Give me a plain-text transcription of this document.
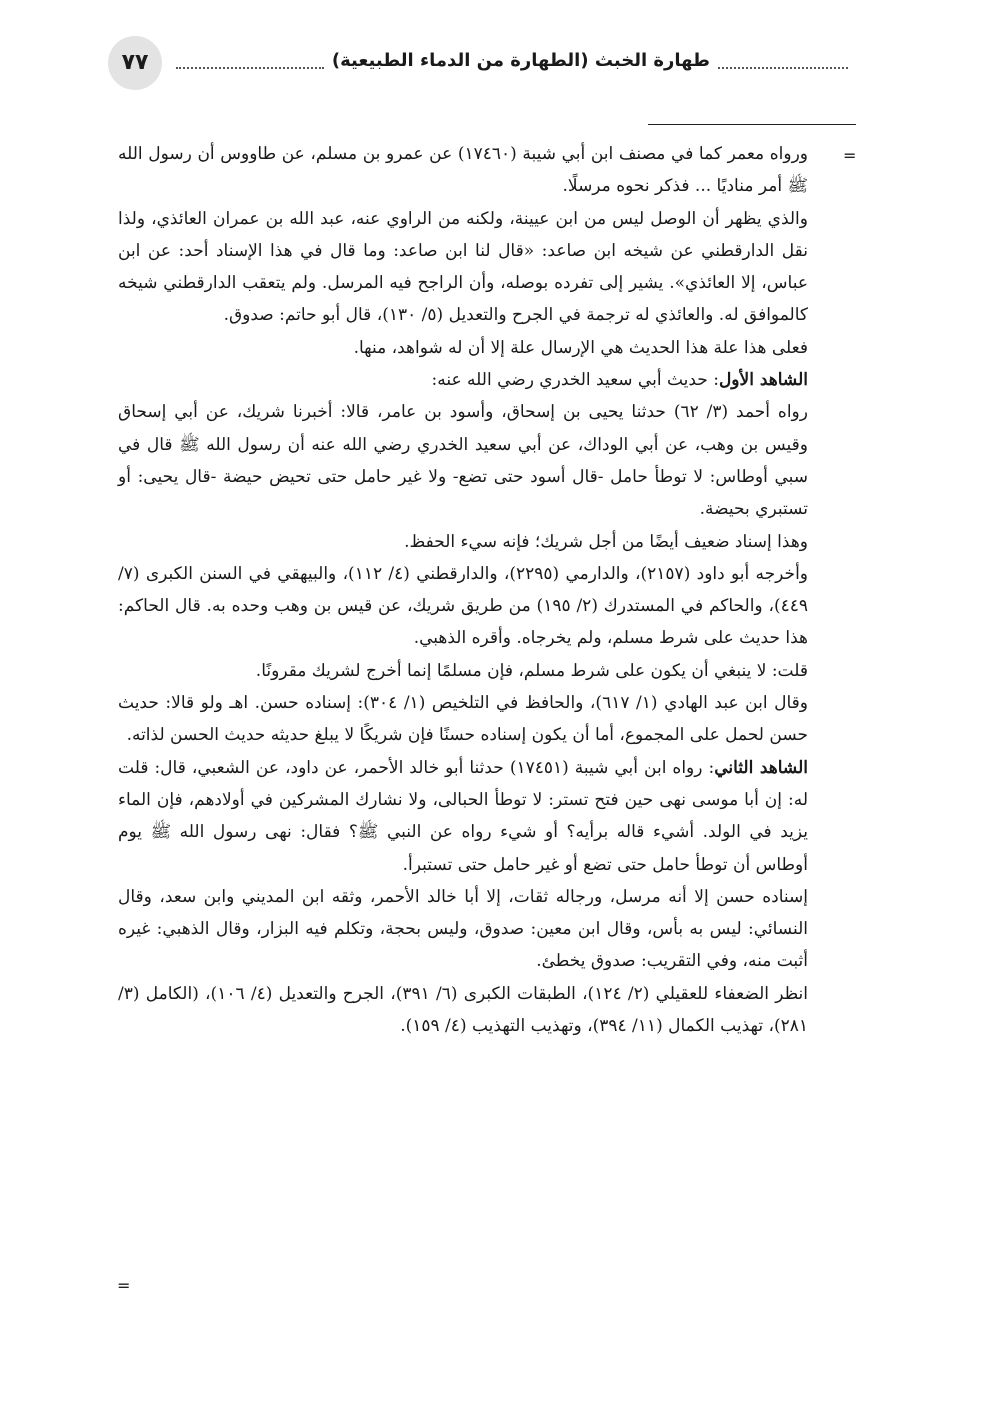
٧٧	طهارة الخبث (الطهارة من الدماء الطبيعية)
=

ورواه معمر كما في مصنف ابن أبي شيبة (١٧٤٦٠) عن عمرو بن مسلم، عن طاووس أن رسول الله ﷺ أمر مناديًا ... فذكر نحوه مرسلًا.

والذي يظهر أن الوصل ليس من ابن عيينة، ولكنه من الراوي عنه، عبد الله بن عمران العائذي، ولذا نقل الدارقطني عن شيخه ابن صاعد: «قال لنا ابن صاعد: وما قال في هذا الإسناد أحد: عن ابن عباس، إلا العائذي». يشير إلى تفرده بوصله، وأن الراجح فيه المرسل. ولم يتعقب الدارقطني شيخه كالموافق له. والعائذي له ترجمة في الجرح والتعديل (٥/ ١٣٠)، قال أبو حاتم: صدوق.

فعلى هذا علة هذا الحديث هي الإرسال علة إلا أن له شواهد، منها.

الشاهد الأول: حديث أبي سعيد الخدري رضي الله عنه:

رواه أحمد (٣/ ٦٢) حدثنا يحيى بن إسحاق، وأسود بن عامر، قالا: أخبرنا شريك، عن أبي إسحاق وقيس بن وهب، عن أبي الوداك، عن أبي سعيد الخدري رضي الله عنه أن رسول الله ﷺ قال في سبي أوطاس: لا توطأ حامل -قال أسود حتى تضع- ولا غير حامل حتى تحيض حيضة -قال يحيى: أو تستبري بحيضة.

وهذا إسناد ضعيف أيضًا من أجل شريك؛ فإنه سيء الحفظ.

وأخرجه أبو داود (٢١٥٧)، والدارمي (٢٢٩٥)، والدارقطني (٤/ ١١٢)، والبيهقي في السنن الكبرى (٧/ ٤٤٩)، والحاكم في المستدرك (٢/ ١٩٥) من طريق شريك، عن قيس بن وهب وحده به. قال الحاكم: هذا حديث على شرط مسلم، ولم يخرجاه. وأقره الذهبي.

قلت: لا ينبغي أن يكون على شرط مسلم، فإن مسلمًا إنما أخرج لشريك مقرونًا.

وقال ابن عبد الهادي (١/ ٦١٧)، والحافظ في التلخيص (١/ ٣٠٤): إسناده حسن. اهـ ولو قالا: حديث حسن لحمل على المجموع، أما أن يكون إسناده حسنًا فإن شريكًا لا يبلغ حديثه حديث الحسن لذاته.

الشاهد الثاني: رواه ابن أبي شيبة (١٧٤٥١) حدثنا أبو خالد الأحمر، عن داود، عن الشعبي، قال: قلت له: إن أبا موسى نهى حين فتح تستر: لا توطأ الحبالى، ولا نشارك المشركين في أولادهم، فإن الماء يزيد في الولد. أشيء قاله برأيه؟ أو شيء رواه عن النبي ﷺ؟ فقال: نهى رسول الله ﷺ يوم أوطاس أن توطأ حامل حتى تضع أو غير حامل حتى تستبرأ.

إسناده حسن إلا أنه مرسل، ورجاله ثقات، إلا أبا خالد الأحمر، وثقه ابن المديني وابن سعد، وقال النسائي: ليس به بأس، وقال ابن معين: صدوق، وليس بحجة، وتكلم فيه البزار، وقال الذهبي: غيره أثبت منه، وفي التقريب: صدوق يخطئ.

انظر الضعفاء للعقيلي (٢/ ١٢٤)، الطبقات الكبرى (٦/ ٣٩١)، الجرح والتعديل (٤/ ١٠٦)، (الكامل (٣/ ٢٨١)، تهذيب الكمال (١١/ ٣٩٤)، وتهذيب التهذيب (٤/ ١٥٩).

=
